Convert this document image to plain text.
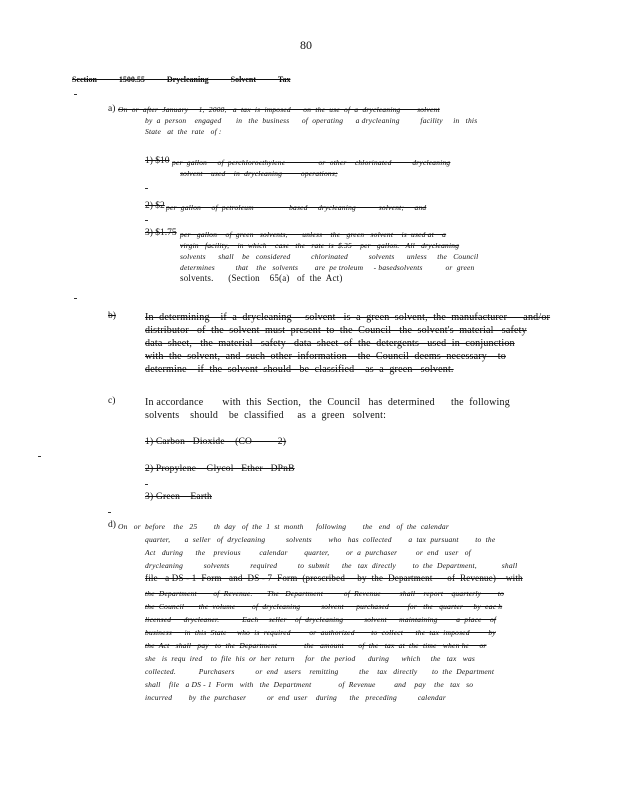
80
Section 1500.55 Drycleaning Solvent Tax
a) On  or  after  January     1,  2008,   a  tax  is  imposed      on  the  use  of  a  drycleaning        solvent
by  a  person    engaged       in   the  business      of  operating      a drycleaning          facility     in   this
State   at  the  rate   of :
1) $10 per  gallon     of  perchloroethylene                or  other    chlorinated          drycleaning
solvent    used    in  drycleaning         operations;
2) $2 per  gallon     of  petroleum                 based     drycleaning           solvent;     and
3) $1.75 per   gallon    of  green   solvents,       unless    the   green   solvent    is  used at    a
virgin   facility,    in  which    case   the   rate  is  $.35    per   gallon.   All   drycleaning
solvents      shall    be   considered          chlorinated          solvents      unless     the   Council
determines          that    the   solvents        are  pe troleum     - basedsolvents           or  green
solvents.      (Section    65(a)   of  the  Act)
b)	In  determining    if  a  drycleaning     solvent   is  a  green  solvent,  the  manufacturer      and/or
distributor   of  the  solvent  must  present  to  the  Council   the  solvent's  material   safety
data  sheet,   the  material   safety   data  sheet  of  the  detergents   used  in  conjunction
with  the  solvent,  and  such  other  information    the  Council  deems  necessary    to
determine    if  the  solvent  should   be  classified    as  a  green   solvent.
c)	In accordance       with  this  Section,   the  Council   has  determined      the  following
solvents    should    be  classified     as  a  green   solvent:
1) Carbon   Dioxide    (CO          2)
2) Propylene    Glycol   Ether   DPnB
3) Green    Earth
d) On   or  before    the   25        th  day   of  the  1  st  month      following        the   end   of  the  calendar
quarter,       a  seller   of  drycleaning          solvents        who   has  collected        a  tax  pursuant        to  the
Act   during      the    previous         calendar        quarter,        or  a  purchaser         or  end   user   of
drycleaning          solvents          required          to  submit      the   tax  directly        to  the  Department,            shall
file   a DS - 1  Form   and  DS - 7  Form  (prescribed     by  the  Department      of  Revenue)    with
the  Department        of  Revenue.       The   Department          of  Revenue         shall    report    quarterly        to
the  Council       the  volume        of  drycleaning          solvent      purchased         for   the   quarter     by  eac h
licensed      drycleaner.           Each     seller    of  drycleaning          solvent      maintaining         a  place    of
business      in  this  State     who  is  required         or  authorized        to  collect      the  tax  imposed         by
the  Act   shall   pay   to  the  Department             the   amount       of  the   tax  at  the  time   when he     or
she   is  requ  ired    to  file  his  or  her  return     for   the  period      during      which     the   tax   was
collected.           Purchasers          or  end   users    remitting          the    tax   directly       to  the  Department
shall    file   a DS - 1  Form   with   the  Department             of  Revenue         and    pay    the   tax   so
incurred        by  the  purchaser          or  end  user    during      the   preceding          calendar
